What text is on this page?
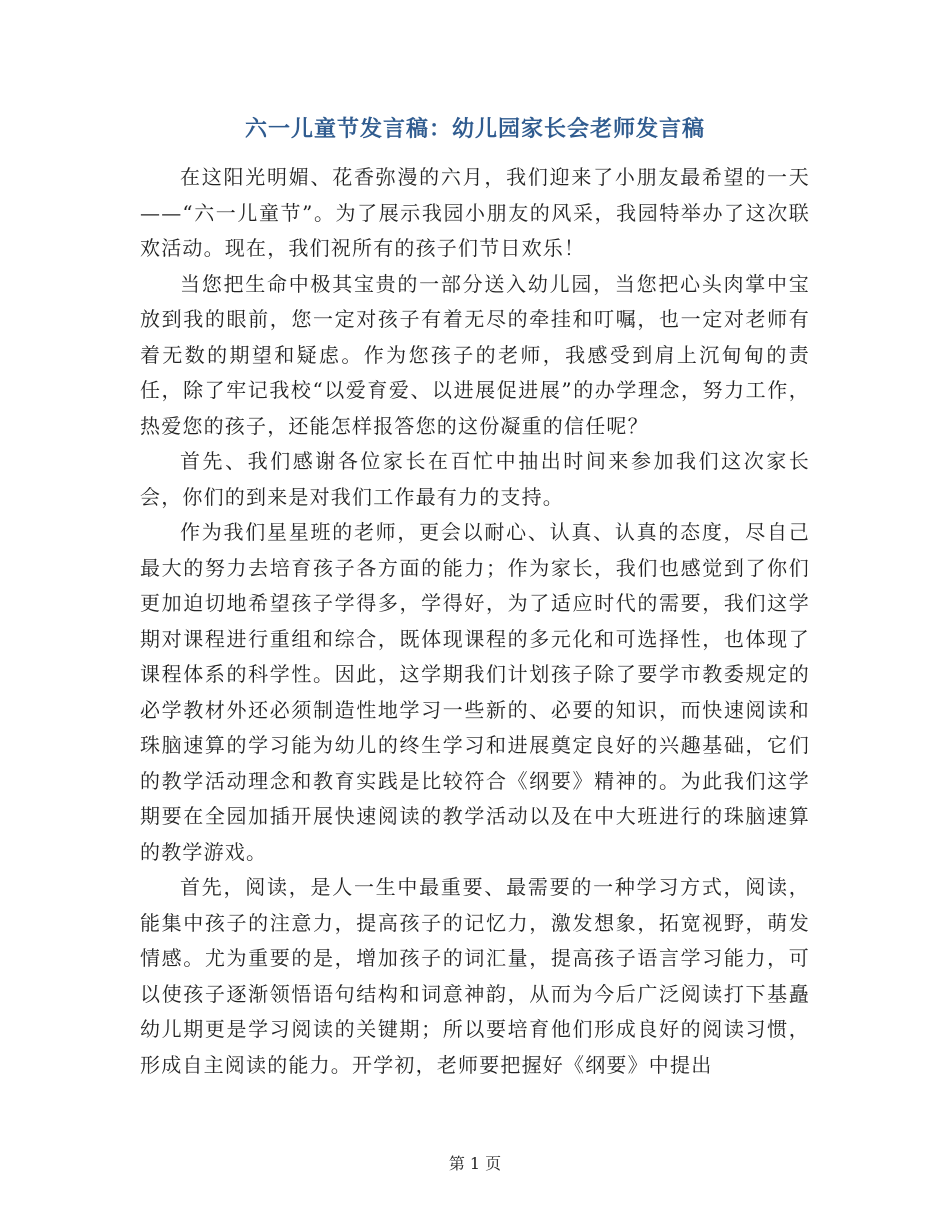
六一儿童节发言稿：幼儿园家长会老师发言稿

在这阳光明媚、花香弥漫的六月，我们迎来了小朋友最希望的一天——“六一儿童节”。为了展示我园小朋友的风采，我园特举办了这次联欢活动。现在，我们祝所有的孩子们节日欢乐！

当您把生命中极其宝贵的一部分送入幼儿园，当您把心头肉掌中宝放到我的眼前，您一定对孩子有着无尽的牵挂和叮嘱，也一定对老师有着无数的期望和疑虑。作为您孩子的老师，我感受到肩上沉甸甸的责任，除了牢记我校“以爱育爱、以进展促进展”的办学理念，努力工作，热爱您的孩子，还能怎样报答您的这份凝重的信任呢？

首先、我们感谢各位家长在百忙中抽出时间来参加我们这次家长会，你们的到来是对我们工作最有力的支持。

作为我们星星班的老师，更会以耐心、认真、认真的态度，尽自己最大的努力去培育孩子各方面的能力；作为家长，我们也感觉到了你们更加迫切地希望孩子学得多，学得好，为了适应时代的需要，我们这学期对课程进行重组和综合，既体现课程的多元化和可选择性，也体现了课程体系的科学性。因此，这学期我们计划孩子除了要学市教委规定的必学教材外还必须制造性地学习一些新的、必要的知识，而快速阅读和珠脑速算的学习能为幼儿的终生学习和进展奠定良好的兴趣基础，它们的教学活动理念和教育实践是比较符合《纲要》精神的。为此我们这学期要在全园加插开展快速阅读的教学活动以及在中大班进行的珠脑速算的教学游戏。

首先，阅读，是人一生中最重要、最需要的一种学习方式，阅读，能集中孩子的注意力，提高孩子的记忆力，激发想象，拓宽视野，萌发情感。尤为重要的是，增加孩子的词汇量，提高孩子语言学习能力，可以使孩子逐渐领悟语句结构和词意神韵，从而为今后广泛阅读打下基矗幼儿期更是学习阅读的关键期；所以要培育他们形成良好的阅读习惯，形成自主阅读的能力。开学初，老师要把握好《纲要》中提出

第 1 页
